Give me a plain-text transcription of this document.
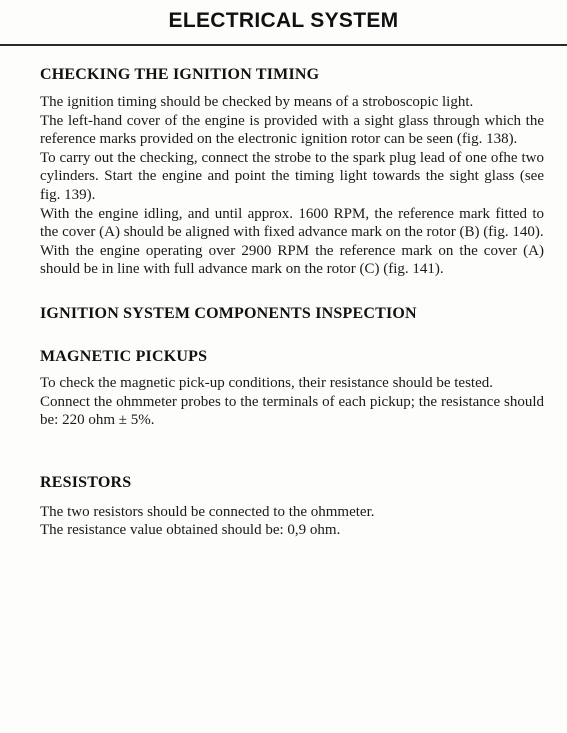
ELECTRICAL SYSTEM
CHECKING THE IGNITION TIMING

The ignition timing should be checked by means of a stroboscopic light.

The left-hand cover of the engine is provided with a sight glass through which the reference marks provided on the electronic ignition rotor can be seen (fig. 138).

To carry out the checking, connect the strobe to the spark plug lead of one ofhe two cylinders. Start the engine and point the timing light towards the sight glass (see fig. 139).

With the engine idling, and until approx. 1600 RPM, the reference mark fitted to the cover (A) should be aligned with fixed advance mark on the rotor (B) (fig. 140).

With the engine operating over 2900 RPM the reference mark on the cover (A) should be in line with full advance mark on the rotor (C) (fig. 141).

IGNITION SYSTEM COMPONENTS INSPECTION
MAGNETIC PICKUPS

To check the magnetic pick-up conditions, their resistance should be tested.

Connect the ohmmeter probes to the terminals of each pickup; the resistance should be: 220 ohm ± 5%.

RESISTORS

The two resistors should be connected to the ohmmeter.

The resistance value obtained should be: 0,9 ohm.
